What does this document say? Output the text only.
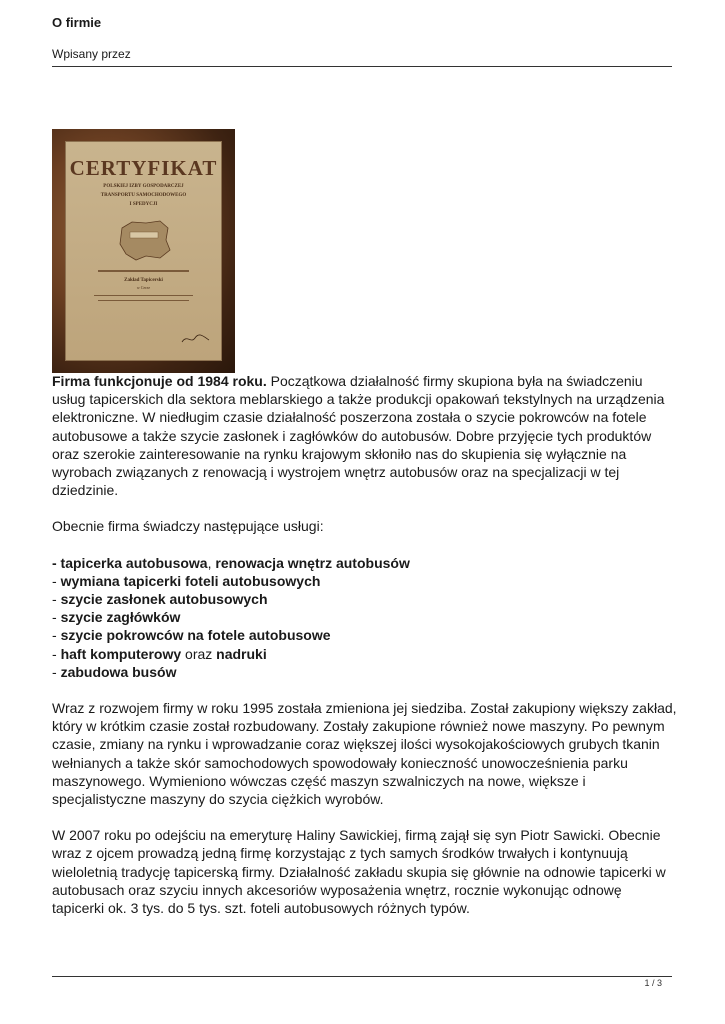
O firmie
Wpisany przez
CERTYFIKAT
POLSKIEJ IZBY GOSPODARCZEJ
TRANSPORTU SAMOCHODOWEGO
I SPEDYCJI
Zakład Tapicerski
w Cerze

Firma funkcjonuje od 1984 roku. Początkowa działalność firmy skupiona była na świadczeniu usług tapicerskich dla sektora meblarskiego a także produkcji opakowań tekstylnych na urządzenia elektroniczne. W niedługim czasie działalność poszerzona została o szycie pokrowców na fotele autobusowe a także szycie zasłonek i zagłówków do autobusów. Dobre przyjęcie tych produktów oraz szerokie zainteresowanie na rynku krajowym skłoniło nas do skupienia się wyłącznie na wyrobach związanych z renowacją i wystrojem wnętrz autobusów oraz na specjalizacji w tej dziedzinie.

Obecnie firma świadczy następujące usługi:

- tapicerka autobusowa, renowacja wnętrz autobusów
- wymiana tapicerki foteli autobusowych
- szycie zasłonek autobusowych
- szycie zagłówków
- szycie pokrowców na fotele autobusowe
- haft komputerowy oraz nadruki
- zabudowa busów

Wraz z rozwojem firmy w roku 1995 została zmieniona jej siedziba. Został zakupiony większy zakład, który w krótkim czasie został rozbudowany. Zostały zakupione również nowe maszyny. Po pewnym czasie, zmiany na rynku i wprowadzanie coraz większej ilości wysokojakościowych grubych tkanin wełnianych a także skór samochodowych spowodowały konieczność unowocześnienia parku maszynowego. Wymieniono wówczas część maszyn szwalniczych na nowe, większe i specjalistyczne maszyny do szycia ciężkich wyrobów.

W 2007 roku po odejściu na emeryturę Haliny Sawickiej, firmą zajął się syn Piotr Sawicki. Obecnie wraz z ojcem prowadzą jedną firmę korzystając z tych samych środków trwałych i kontynuują wieloletnią tradycję tapicerską firmy. Działalność zakładu skupia się głównie na odnowie tapicerki w autobusach oraz szyciu innych akcesoriów wyposażenia wnętrz, rocznie wykonując odnowę tapicerki ok. 3 tys. do 5 tys. szt. foteli autobusowych różnych typów.

1 / 3
